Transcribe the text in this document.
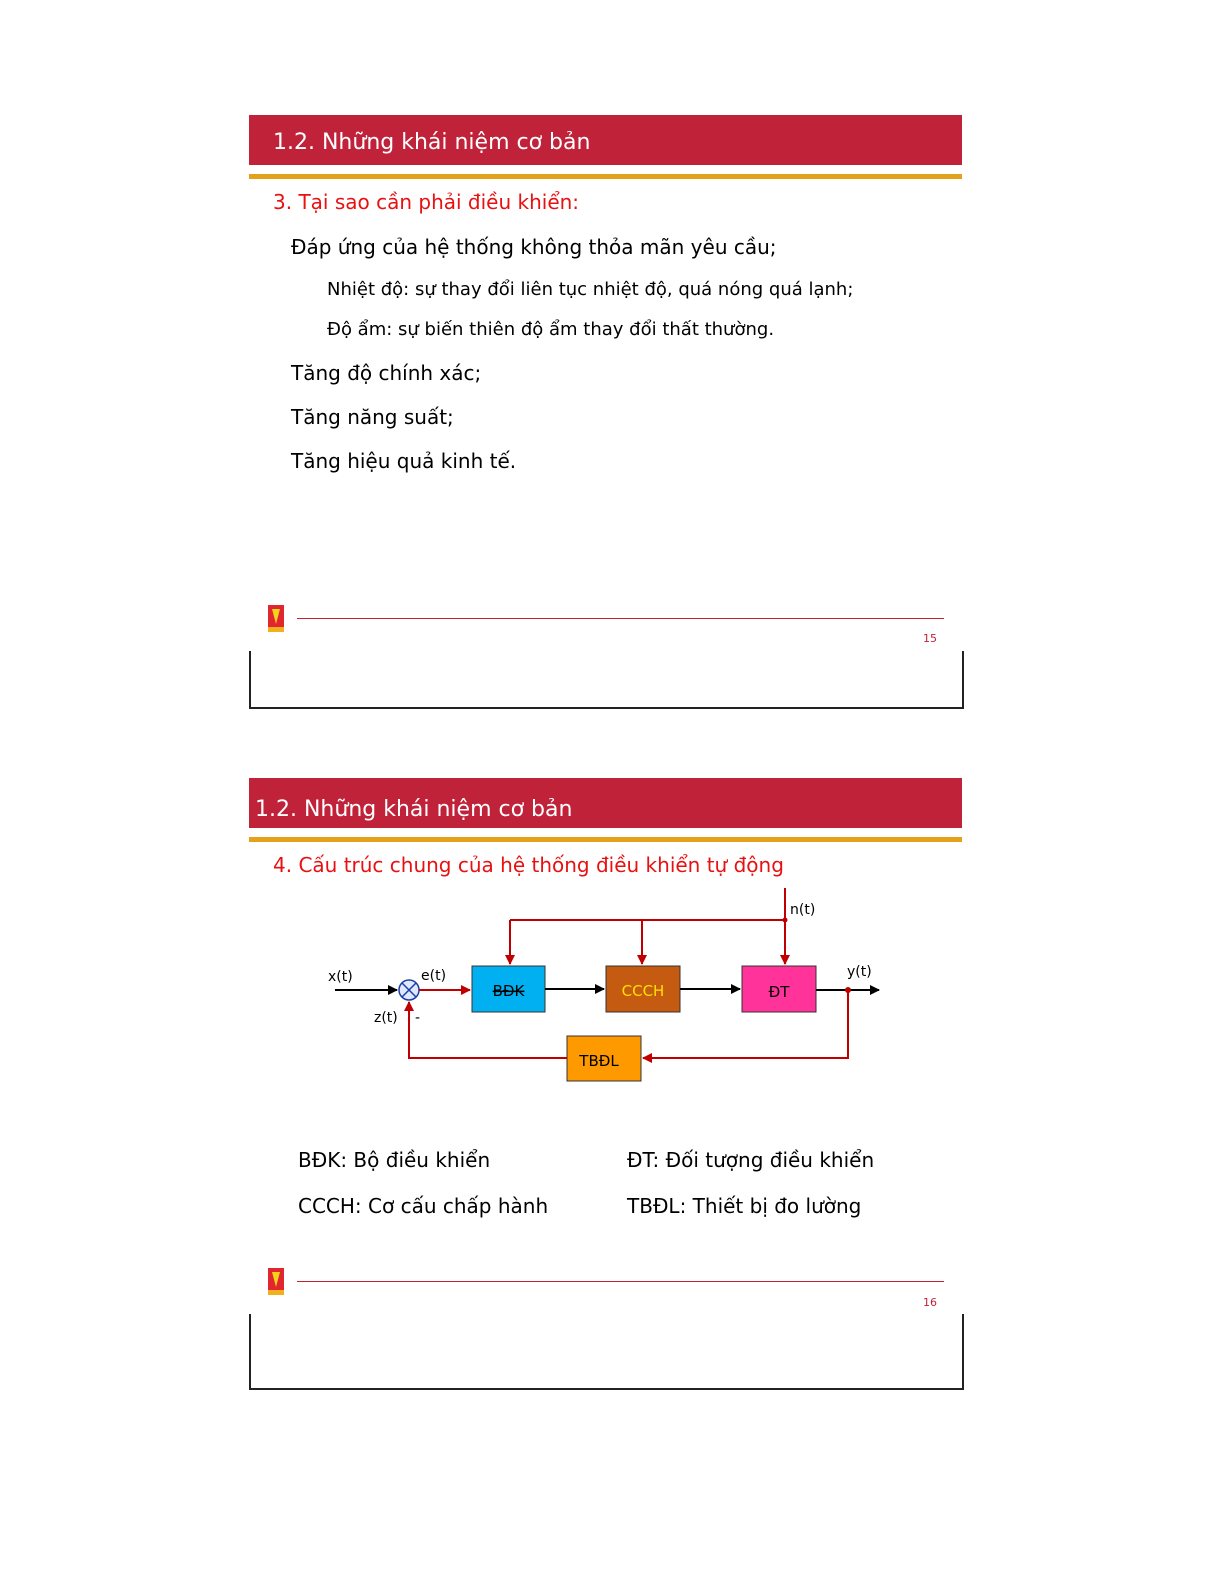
1.2. Những khái niệm cơ bản
3. Tại sao cần phải điều khiển:
Đáp ứng của hệ thống không thỏa mãn yêu cầu;
Nhiệt độ: sự thay đổi liên tục nhiệt độ, quá nóng quá lạnh;
Độ ẩm: sự biến thiên độ ẩm thay đổi thất thường.
Tăng độ chính xác;
Tăng năng suất;
Tăng hiệu quả kinh tế.
15
1.2. Những khái niệm cơ bản
4. Cấu trúc chung của hệ thống điều khiển tự động
x(t)	e(t)
BĐK	CCCH	ĐT
y(t)
n(t)
TBĐL
z(t) -
BĐK: Bộ điều khiển	ĐT: Đối tượng điều khiển
CCCH: Cơ cấu chấp hành	TBĐL: Thiết bị đo lường
16
